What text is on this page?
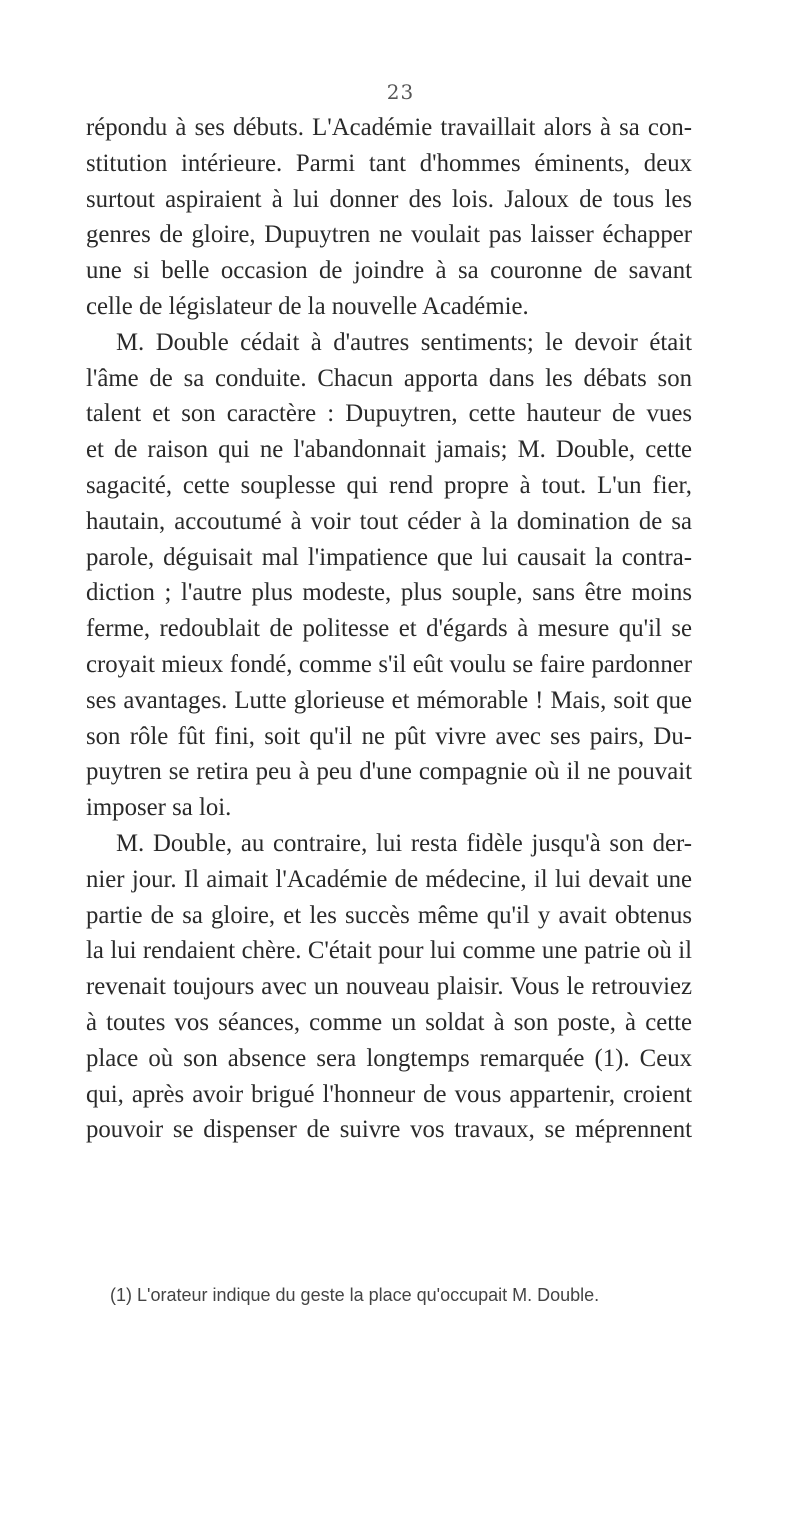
23
répondu à ses débuts. L'Académie travaillait alors à sa con-
stitution intérieure. Parmi tant d'hommes éminents, deux
surtout aspiraient à lui donner des lois. Jaloux de tous les
genres de gloire, Dupuytren ne voulait pas laisser échapper
une si belle occasion de joindre à sa couronne de savant
celle de législateur de la nouvelle Académie.
M. Double cédait à d'autres sentiments; le devoir était
l'âme de sa conduite. Chacun apporta dans les débats son
talent et son caractère : Dupuytren, cette hauteur de vues
et de raison qui ne l'abandonnait jamais; M. Double, cette
sagacité, cette souplesse qui rend propre à tout. L'un fier,
hautain, accoutumé à voir tout céder à la domination de sa
parole, déguisait mal l'impatience que lui causait la contra-
diction ; l'autre plus modeste, plus souple, sans être moins
ferme, redoublait de politesse et d'égards à mesure qu'il se
croyait mieux fondé, comme s'il eût voulu se faire pardonner
ses avantages. Lutte glorieuse et mémorable ! Mais, soit que
son rôle fût fini, soit qu'il ne pût vivre avec ses pairs, Du-
puytren se retira peu à peu d'une compagnie où il ne pouvait
imposer sa loi.
M. Double, au contraire, lui resta fidèle jusqu'à son der-
nier jour. Il aimait l'Académie de médecine, il lui devait une
partie de sa gloire, et les succès même qu'il y avait obtenus
la lui rendaient chère. C'était pour lui comme une patrie où il
revenait toujours avec un nouveau plaisir. Vous le retrouviez
à toutes vos séances, comme un soldat à son poste, à cette
place où son absence sera longtemps remarquée (1). Ceux
qui, après avoir brigué l'honneur de vous appartenir, croient
pouvoir se dispenser de suivre vos travaux, se méprennent
(1) L'orateur indique du geste la place qu'occupait M. Double.
